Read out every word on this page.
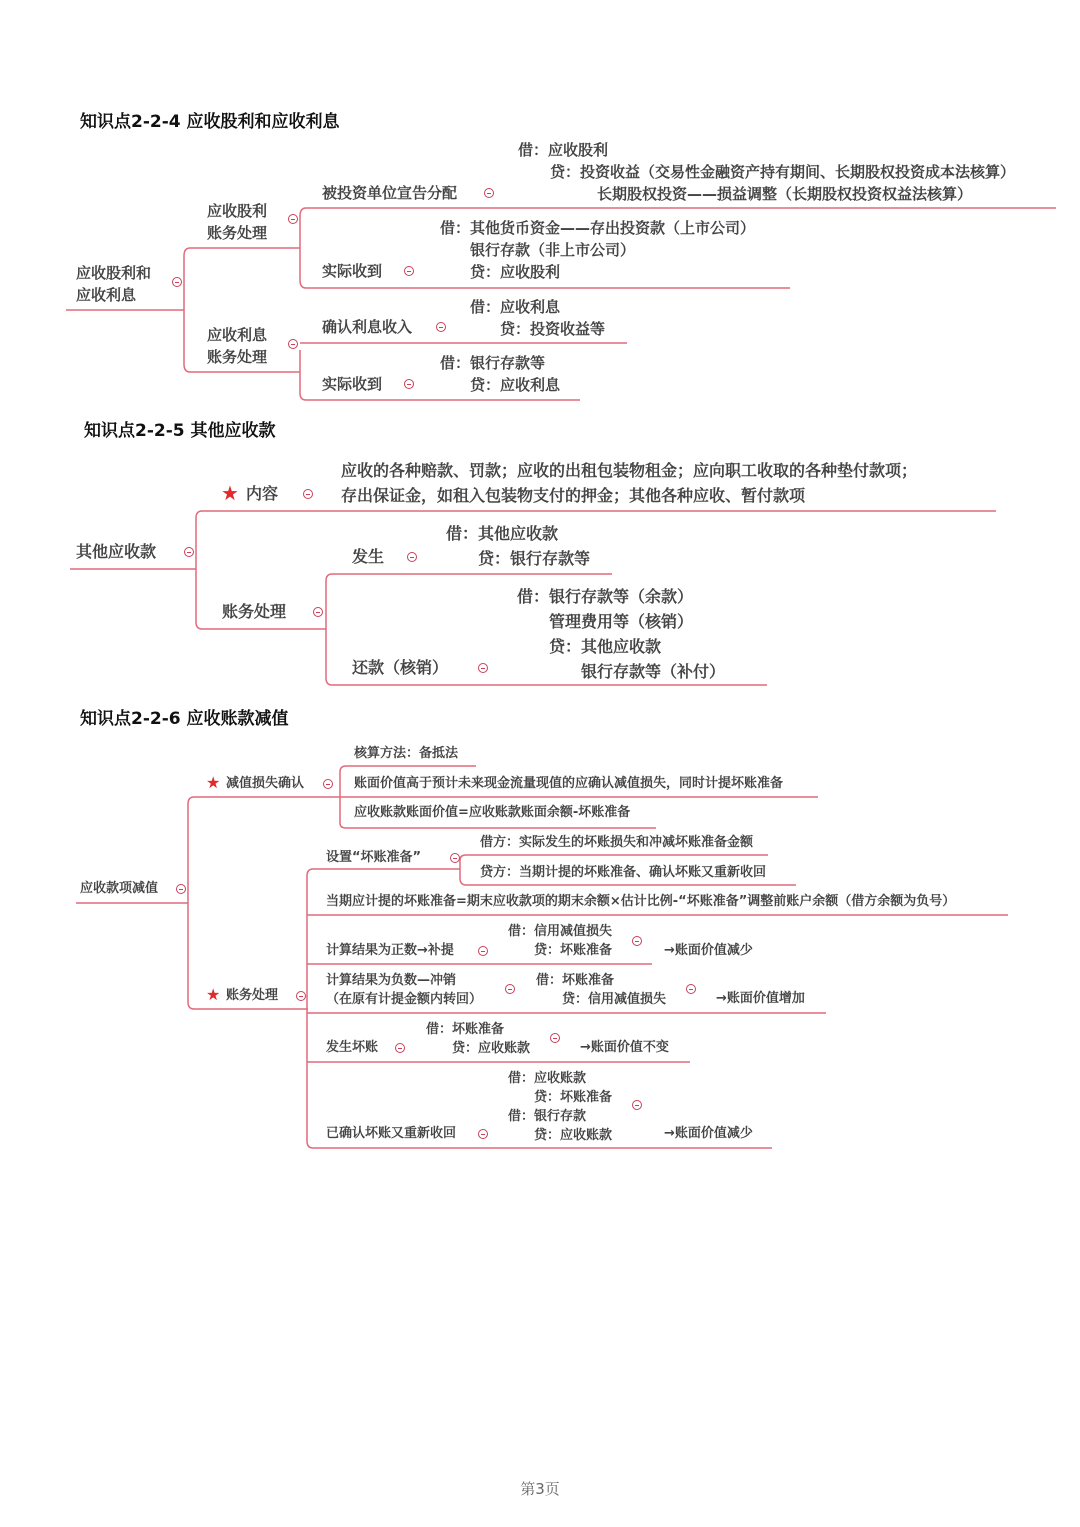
知识点2-2-4 应收股利和应收利息
应收股利和
应收利息
应收股利
账务处理
应收利息
账务处理
被投资单位宣告分配
借：应收股利
　　贷：投资收益（交易性金融资产持有期间、长期股权投资成本法核算）
　　　　　长期股权投资——损益调整（长期股权投资权益法核算）
借：其他货币资金——存出投资款（上市公司）
　　银行存款（非上市公司）
贷：应收股利
实际收到
借：应收利息
　　贷：投资收益等
确认利息收入
借：银行存款等
　　贷：应收利息
实际收到
知识点2-2-5 其他应收款
其他应收款
★ 内容
应收的各种赔款、罚款；应收的出租包装物租金；应向职工收取的各种垫付款项；
存出保证金，如租入包装物支付的押金；其他各种应收、暂付款项
账务处理
借：其他应收款
　　贷：银行存款等
发生
借：银行存款等（余款）
　　管理费用等（核销）
　　贷：其他应收款
　　　　银行存款等（补付）
还款（核销）
知识点2-2-6 应收账款减值
应收款项减值
★ 减值损失确认
核算方法：备抵法
账面价值高于预计未来现金流量现值的应确认减值损失，同时计提坏账准备
应收账款账面价值=应收账款账面余额-坏账准备
★ 账务处理
设置“坏账准备”
借方：实际发生的坏账损失和冲减坏账准备金额
贷方：当期计提的坏账准备、确认坏账又重新收回
当期应计提的坏账准备=期末应收款项的期末余额×估计比例-“坏账准备”调整前账户余额（借方余额为负号）
借：信用减值损失
　　贷：坏账准备
计算结果为正数→补提	→账面价值减少
计算结果为负数—冲销
（在原有计提金额内转回）
借：坏账准备
　　贷：信用减值损失	→账面价值增加
借：坏账准备
　　贷：应收账款
发生坏账	→账面价值不变
借：应收账款
　　贷：坏账准备
借：银行存款
　　贷：应收账款
已确认坏账又重新收回	→账面价值减少
第3页
